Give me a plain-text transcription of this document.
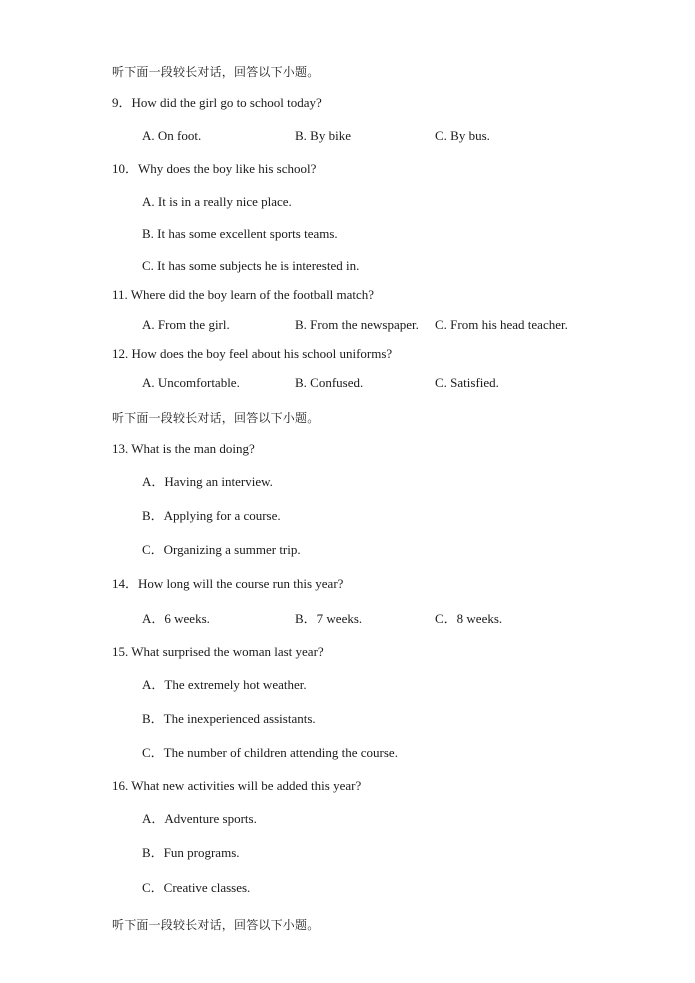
听下面一段较长对话，回答以下小题。
9．How did the girl go to school today?
A. On foot.	B. By bike	C. By bus.
10．Why does the boy like his school?
A. It is in a really nice place.
B. It has some excellent sports teams.
C. It has some subjects he is interested in.
11. Where did the boy learn of the football match?
A. From the girl.	B. From the newspaper. C. From his head teacher.
12. How does the boy feel about his school uniforms?
A. Uncomfortable.	B. Confused.	C. Satisfied.
听下面一段较长对话，回答以下小题。
13. What is the man doing?
A．Having an interview.
B．Applying for a course.
C．Organizing a summer trip.
14．How long will the course run this year?
A．6 weeks.	B．7 weeks.	C．8 weeks.
15. What surprised the woman last year?
A．The extremely hot weather.
B．The inexperienced assistants.
C．The number of children attending the course.
16. What new activities will be added this year?
A．Adventure sports.
B．Fun programs.
C．Creative classes.
听下面一段较长对话，回答以下小题。
